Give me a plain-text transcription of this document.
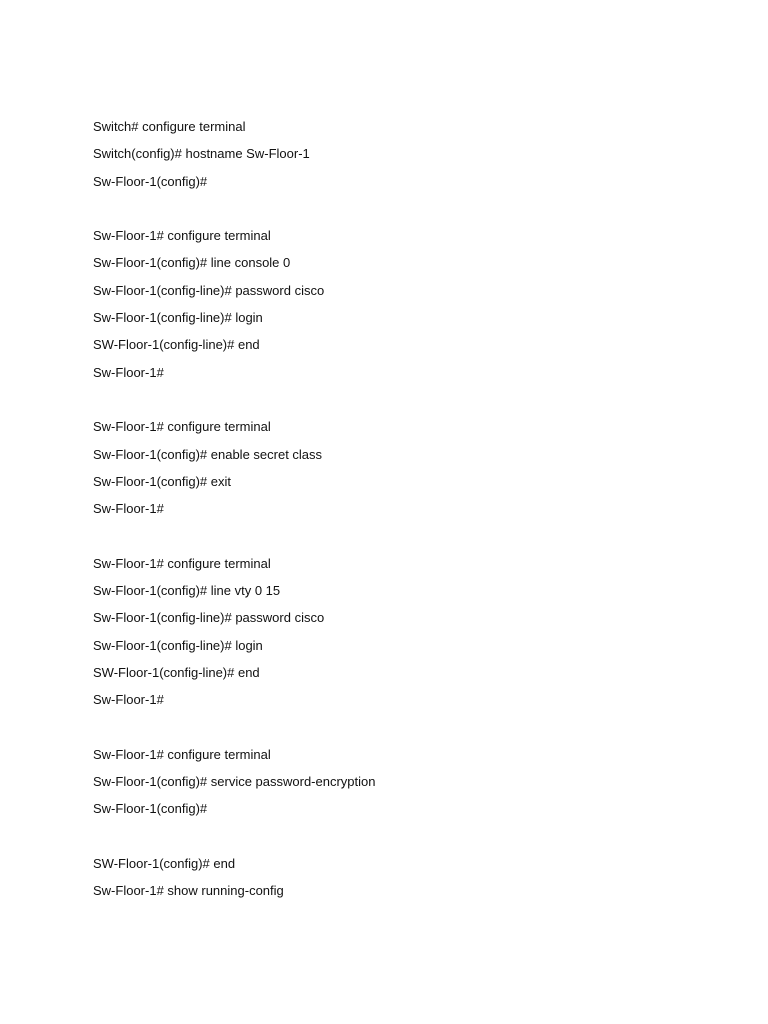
Switch# configure terminal
Switch(config)# hostname Sw-Floor-1
Sw-Floor-1(config)#
Sw-Floor-1# configure terminal
Sw-Floor-1(config)# line console 0
Sw-Floor-1(config-line)# password cisco
Sw-Floor-1(config-line)# login
SW-Floor-1(config-line)# end
Sw-Floor-1#
Sw-Floor-1# configure terminal
Sw-Floor-1(config)# enable secret class
Sw-Floor-1(config)# exit
Sw-Floor-1#
Sw-Floor-1# configure terminal
Sw-Floor-1(config)# line vty 0 15
Sw-Floor-1(config-line)# password cisco
Sw-Floor-1(config-line)# login
SW-Floor-1(config-line)# end
Sw-Floor-1#
Sw-Floor-1# configure terminal
Sw-Floor-1(config)# service password-encryption
Sw-Floor-1(config)#
SW-Floor-1(config)# end
Sw-Floor-1# show running-config
